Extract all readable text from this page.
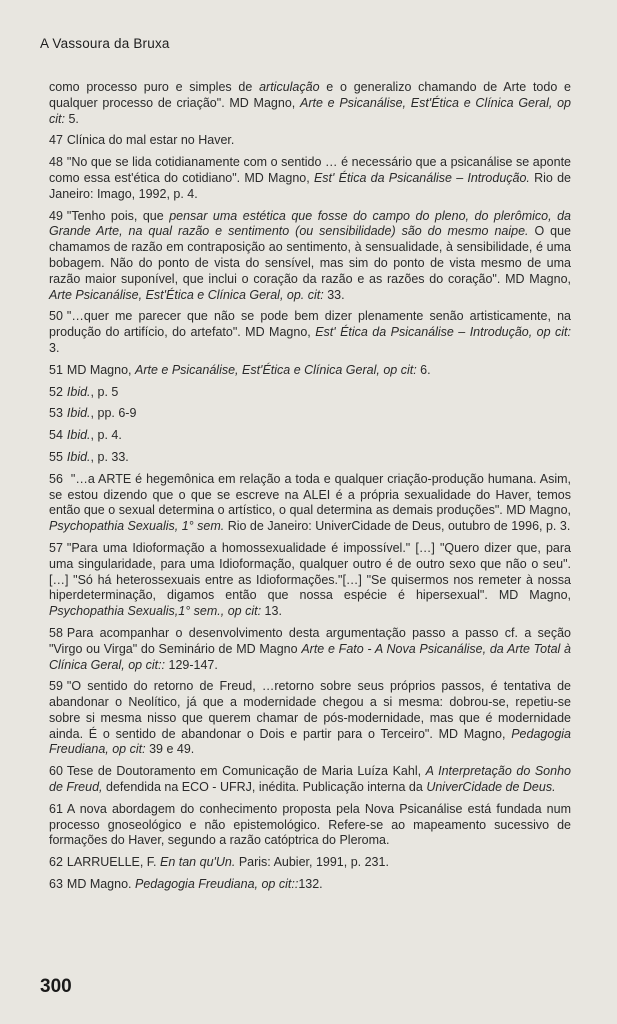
A Vassoura da Bruxa

como processo puro e simples de articulação e o generalizo chamando de Arte todo e qualquer processo de criação". MD Magno, Arte e Psicanálise, Est'Ética e Clínica Geral, op cit: 5.

47 Clínica do mal estar no Haver.

48 "No que se lida cotidianamente com o sentido … é necessário que a psicanálise se aponte como essa est'ética do cotidiano". MD Magno, Est' Ética da Psicanálise – Introdução. Rio de Janeiro: Imago, 1992, p. 4.

49 "Tenho pois, que pensar uma estética que fosse do campo do pleno, do plerômico, da Grande Arte, na qual razão e sentimento (ou sensibilidade) são do mesmo naipe. O que chamamos de razão em contraposição ao sentimento, à sensualidade, à sensibilidade, é uma bobagem. Não do ponto de vista do sensível, mas sim do ponto de vista mesmo de uma razão maior suponível, que inclui o coração da razão e as razões do coração". MD Magno, Arte Psicanálise, Est'Ética e Clínica Geral, op. cit: 33.

50 "…quer me parecer que não se pode bem dizer plenamente senão artisticamente, na produção do artifício, do artefato". MD Magno, Est' Ética da Psicanálise – Introdução, op cit: 3.

51 MD Magno, Arte e Psicanálise, Est'Ética e Clínica Geral, op cit: 6.

52 Ibid., p. 5

53 Ibid., pp. 6-9

54 Ibid., p. 4.

55 Ibid., p. 33.

56 "…a ARTE é hegemônica em relação a toda e qualquer criação-produção humana. Asim, se estou dizendo que o que se escreve na ALEI é a própria sexualidade do Haver, temos então que o sexual determina o artístico, o qual determina as demais produções". MD Magno, Psychopathia Sexualis, 1° sem. Rio de Janeiro: UniverCidade de Deus, outubro de 1996, p. 3.

57 "Para uma Idioformação a homossexualidade é impossível." […] "Quero dizer que, para uma singularidade, para uma Idioformação, qualquer outro é de outro sexo que não o seu". […] "Só há heterossexuais entre as Idioformações."[…] "Se quisermos nos remeter à nossa hiperdeterminação, digamos então que nossa espécie é hipersexual". MD Magno, Psychopathia Sexualis,1° sem., op cit: 13.

58 Para acompanhar o desenvolvimento desta argumentação passo a passo cf. a seção "Virgo ou Virga" do Seminário de MD Magno Arte e Fato - A Nova Psicanálise, da Arte Total à Clínica Geral, op cit:: 129-147.

59 "O sentido do retorno de Freud, …retorno sobre seus próprios passos, é tentativa de abandonar o Neolítico, já que a modernidade chegou a si mesma: dobrou-se, repetiu-se sobre si mesma nisso que querem chamar de pós-modernidade, mas que é modernidade ainda. É o sentido de abandonar o Dois e partir para o Terceiro". MD Magno, Pedagogia Freudiana, op cit: 39 e 49.

60 Tese de Doutoramento em Comunicação de Maria Luíza Kahl, A Interpretação do Sonho de Freud, defendida na ECO - UFRJ, inédita. Publicação interna da UniverCidade de Deus.

61 A nova abordagem do conhecimento proposta pela Nova Psicanálise está fundada num processo gnoseológico e não epistemológico. Refere-se ao mapeamento sucessivo de formações do Haver, segundo a razão catóptrica do Pleroma.

62 LARRUELLE, F. En tan qu'Un. Paris: Aubier, 1991, p. 231.

63 MD Magno. Pedagogia Freudiana, op cit::132.

300
